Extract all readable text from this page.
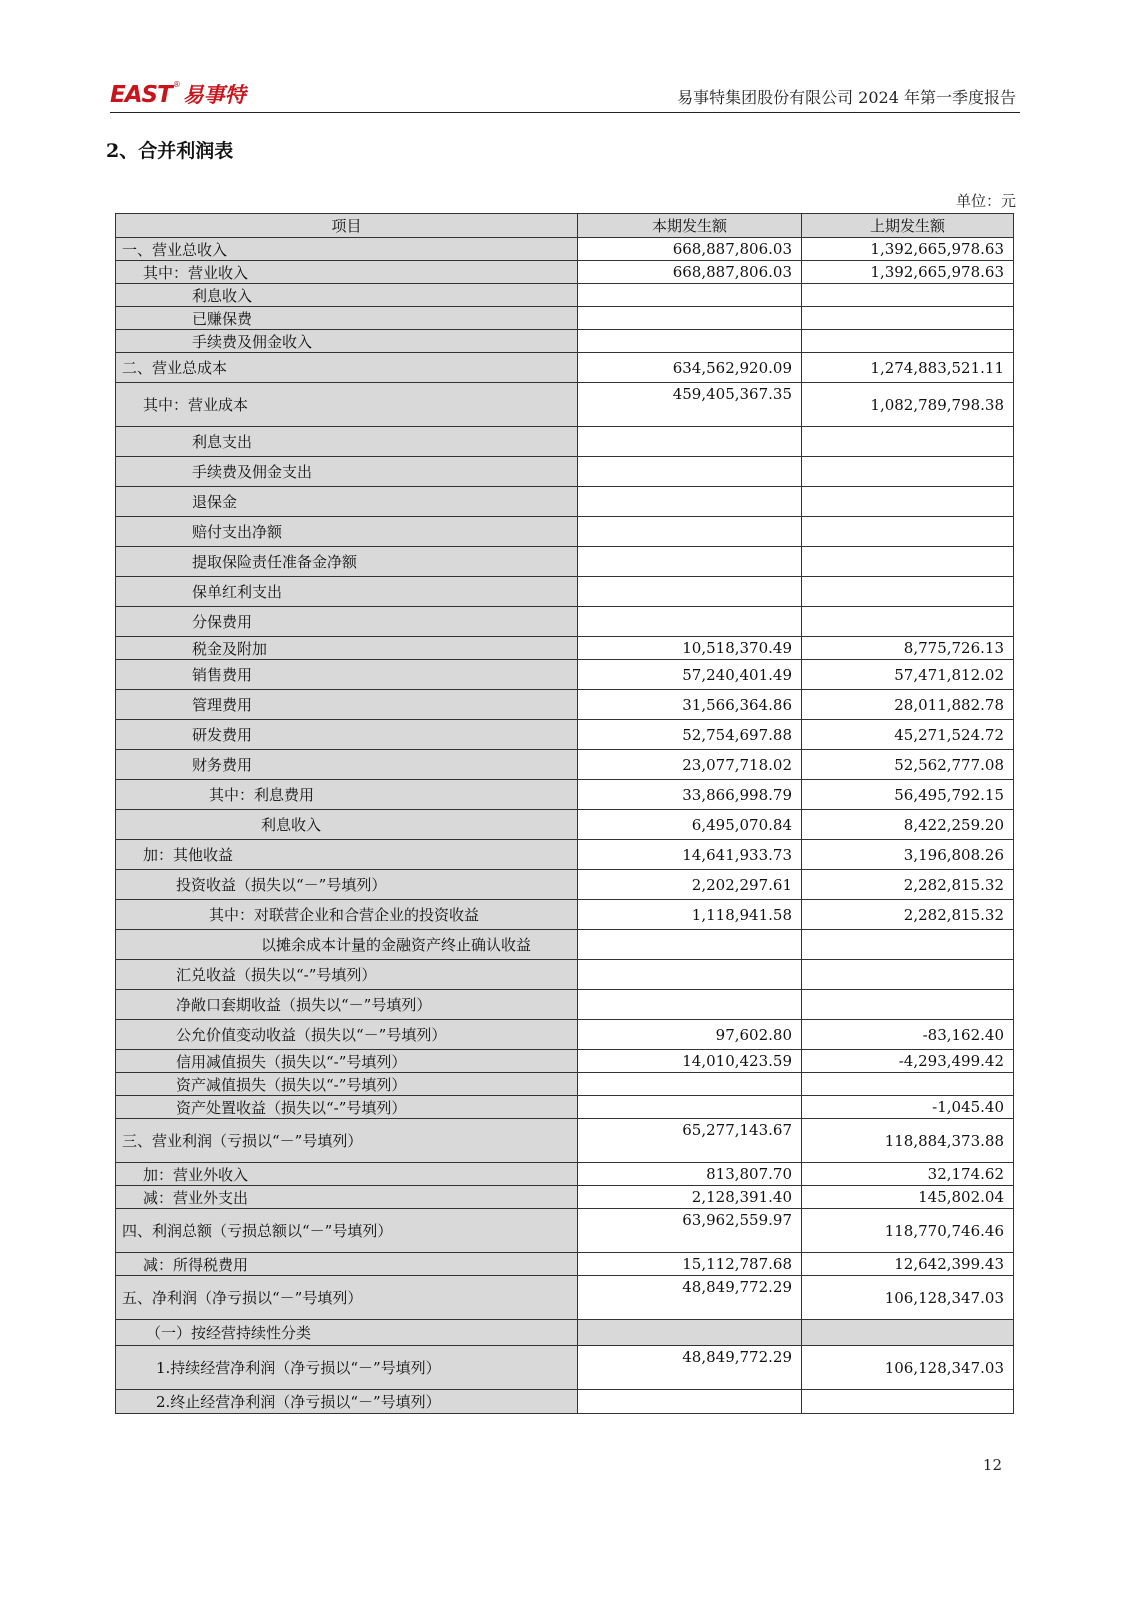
EAST ® 易事特	易事特集团股份有限公司 2024 年第一季度报告
2、合并利润表
单位：元
项目	本期发生额	上期发生额
一、营业总收入	668,887,806.03	1,392,665,978.63
其中：营业收入	668,887,806.03	1,392,665,978.63
利息收入		
已赚保费		
手续费及佣金收入		
二、营业总成本	634,562,920.09	1,274,883,521.11
其中：营业成本	459,405,367.35	1,082,789,798.38
利息支出		
手续费及佣金支出		
退保金		
赔付支出净额		
提取保险责任准备金净额		
保单红利支出		
分保费用		
税金及附加	10,518,370.49	8,775,726.13
销售费用	57,240,401.49	57,471,812.02
管理费用	31,566,364.86	28,011,882.78
研发费用	52,754,697.88	45,271,524.72
财务费用	23,077,718.02	52,562,777.08
其中：利息费用	33,866,998.79	56,495,792.15
利息收入	6,495,070.84	8,422,259.20
加：其他收益	14,641,933.73	3,196,808.26
投资收益（损失以“－”号填列）	2,202,297.61	2,282,815.32
其中：对联营企业和合营企业的投资收益	1,118,941.58	2,282,815.32
以摊余成本计量的金融资产终止确认收益		
汇兑收益（损失以“-”号填列）		
净敞口套期收益（损失以“－”号填列）		
公允价值变动收益（损失以“－”号填列）	97,602.80	-83,162.40
信用减值损失（损失以“-”号填列）	14,010,423.59	-4,293,499.42
资产减值损失（损失以“-”号填列）		
资产处置收益（损失以“-”号填列）		-1,045.40
三、营业利润（亏损以“－”号填列）	65,277,143.67	118,884,373.88
加：营业外收入	813,807.70	32,174.62
减：营业外支出	2,128,391.40	145,802.04
四、利润总额（亏损总额以“－”号填列）	63,962,559.97	118,770,746.46
减：所得税费用	15,112,787.68	12,642,399.43
五、净利润（净亏损以“－”号填列）	48,849,772.29	106,128,347.03
（一）按经营持续性分类		
1.持续经营净利润（净亏损以“－”号填列）	48,849,772.29	106,128,347.03
2.终止经营净利润（净亏损以“－”号填列）		
12
